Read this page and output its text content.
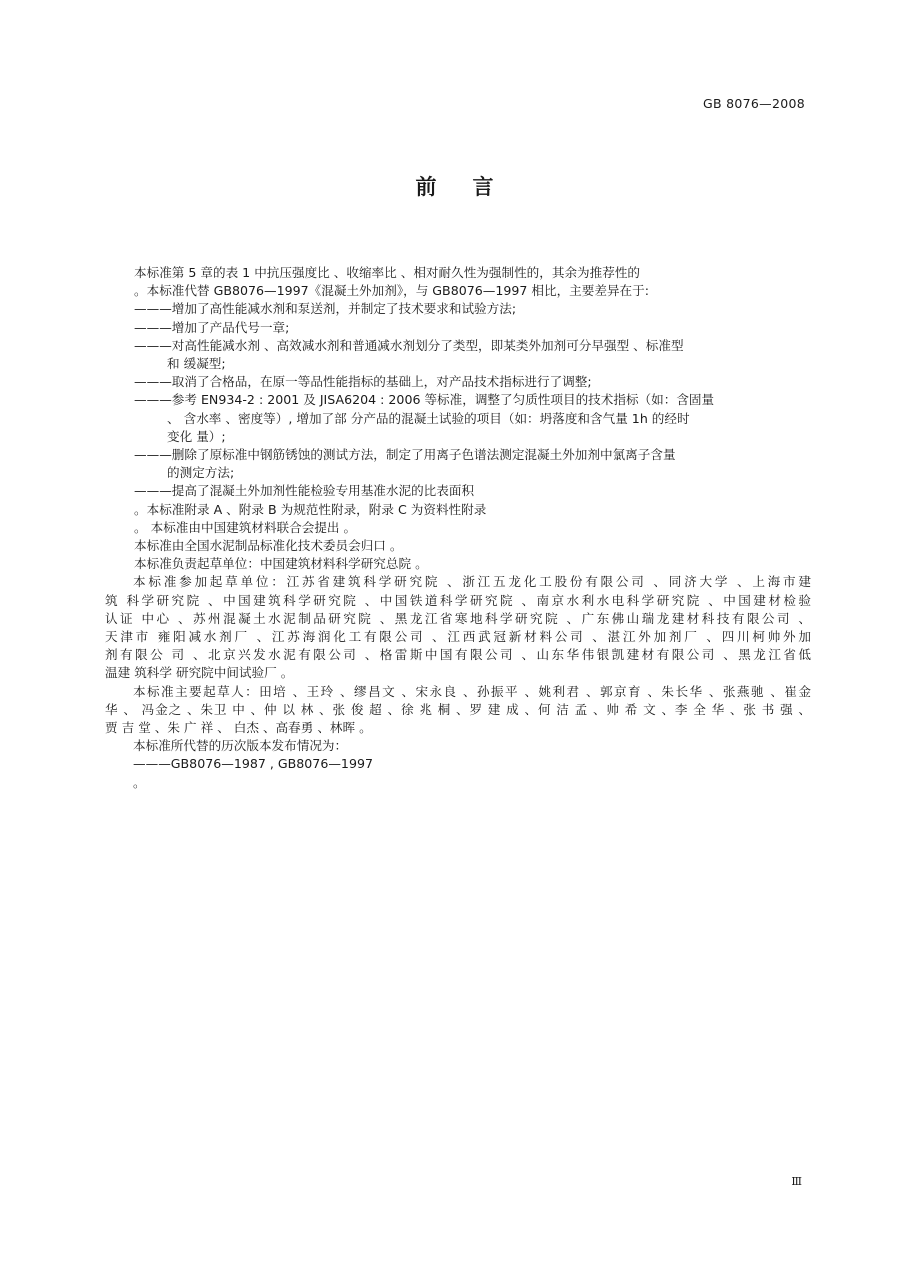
GB 8076—2008
前言
本标准第 5 章的表 1 中抗压强度比 、收缩率比 、相对耐久性为强制性的，其余为推荐性的
。本标准代替 GB8076—1997《混凝土外加剂》，与 GB8076—1997 相比，主要差异在于:
———增加了高性能减水剂和泵送剂，并制定了技术要求和试验方法;
———增加了产品代号一章;
———对高性能减水剂 、高效减水剂和普通减水剂划分了类型，即某类外加剂可分早强型 、标准型
和 缓凝型;
———取消了合格品，在原一等品性能指标的基础上，对产品技术指标进行了调整;
———参考 EN934-2 : 2001 及 JISA6204 : 2006 等标准，调整了匀质性项目的技术指标（如：含固量
、 含水率 、密度等）, 增加了部 分产品的混凝土试验的项目（如：坍落度和含气量 1h 的经时
变化 量）;
———删除了原标准中钢筋锈蚀的测试方法，制定了用离子色谱法测定混凝土外加剂中氯离子含量
的测定方法;
———提高了混凝土外加剂性能检验专用基准水泥的比表面积
。本标准附录 A 、附录 B 为规范性附录，附录 C 为资料性附录
。 本标准由中国建筑材料联合会提出 。
本标准由全国水泥制品标准化技术委员会归口 。
本标准负责起草单位：中国建筑材料科学研究总院 。
本标准参加起草单位：江苏省建筑科学研究院 、浙江五龙化工股份有限公司 、同济大学 、上海市建
筑 科学研究院 、中国建筑科学研究院 、中国铁道科学研究院 、南京水利水电科学研究院 、中国建材检验
认证 中心 、苏州混凝土水泥制品研究院 、黑龙江省寒地科学研究院 、广东佛山瑞龙建材科技有限公司 、
天津市 雍阳减水剂厂 、江苏海润化工有限公司 、江西武冠新材料公司 、湛江外加剂厂 、四川柯帅外加
剂有限公 司 、北京兴发水泥有限公司 、格雷斯中国有限公司 、山东华伟银凯建材有限公司 、黑龙江省低
温建 筑科学 研究院中间试验厂 。
本标准主要起草人：田培 、王玲 、缪昌文 、宋永良 、孙振平 、姚利君 、郭京育 、朱长华 、张燕驰 、崔金
华 、 冯金之 、朱卫 中 、仲 以 林 、张 俊 超 、徐 兆 桐 、罗 建 成 、何 洁 孟 、帅 希 文 、李 全 华 、张 书 强 、
贾 吉 堂 、朱 广 祥 、 白杰 、高春勇 、林晖 。
本标准所代替的历次版本发布情况为：
———GB8076—1987 , GB8076—1997
。
Ⅲ
